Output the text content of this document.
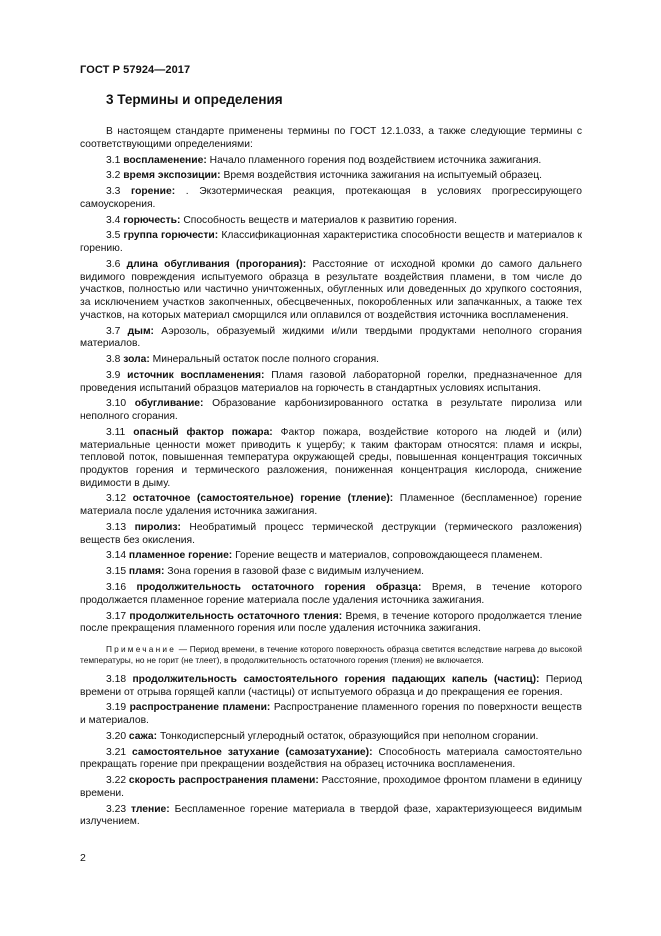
ГОСТ Р 57924—2017
3 Термины и определения

В настоящем стандарте применены термины по ГОСТ 12.1.033, а также следующие термины с соответствующими определениями:

3.1 воспламенение: Начало пламенного горения под воздействием источника зажигания.

3.2 время экспозиции: Время воздействия источника зажигания на испытуемый образец.

3.3 горение: . Экзотермическая реакция, протекающая в условиях прогрессирующего самоускорения.

3.4 горючесть: Способность веществ и материалов к развитию горения.

3.5 группа горючести: Классификационная характеристика способности веществ и материалов к горению.

3.6 длина обугливания (прогорания): Расстояние от исходной кромки до самого дальнего видимого повреждения испытуемого образца в результате воздействия пламени, в том числе до участков, полностью или частично уничтоженных, обугленных или доведенных до хрупкого состояния, за исключением участков закопченных, обесцвеченных, покоробленных или запачканных, а также тех участков, на которых материал сморщился или оплавился от воздействия источника воспламенения.

3.7 дым: Аэрозоль, образуемый жидкими и/или твердыми продуктами неполного сгорания материалов.

3.8 зола: Минеральный остаток после полного сгорания.

3.9 источник воспламенения: Пламя газовой лабораторной горелки, предназначенное для проведения испытаний образцов материалов на горючесть в стандартных условиях испытания.

3.10 обугливание: Образование карбонизированного остатка в результате пиролиза или неполного сгорания.

3.11 опасный фактор пожара: Фактор пожара, воздействие которого на людей и (или) материальные ценности может приводить к ущербу; к таким факторам относятся: пламя и искры, тепловой поток, повышенная температура окружающей среды, повышенная концентрация токсичных продуктов горения и термического разложения, пониженная концентрация кислорода, снижение видимости в дыму.

3.12 остаточное (самостоятельное) горение (тление): Пламенное (беспламенное) горение материала после удаления источника зажигания.

3.13 пиролиз: Необратимый процесс термической деструкции (термического разложения) веществ без окисления.

3.14 пламенное горение: Горение веществ и материалов, сопровождающееся пламенем.

3.15 пламя: Зона горения в газовой фазе с видимым излучением.

3.16 продолжительность остаточного горения образца: Время, в течение которого продолжается пламенное горение материала после удаления источника зажигания.

3.17 продолжительность остаточного тления: Время, в течение которого продолжается тление после прекращения пламенного горения или после удаления источника зажигания.

Примечание — Период времени, в течение которого поверхность образца светится вследствие нагрева до высокой температуры, но не горит (не тлеет), в продолжительность остаточного горения (тления) не включается.

3.18 продолжительность самостоятельного горения падающих капель (частиц): Период времени от отрыва горящей капли (частицы) от испытуемого образца и до прекращения ее горения.

3.19 распространение пламени: Распространение пламенного горения по поверхности веществ и материалов.

3.20 сажа: Тонкодисперсный углеродный остаток, образующийся при неполном сгорании.

3.21 самостоятельное затухание (самозатухание): Способность материала самостоятельно прекращать горение при прекращении воздействия на образец источника воспламенения.

3.22 скорость распространения пламени: Расстояние, проходимое фронтом пламени в единицу времени.

3.23 тление: Беспламенное горение материала в твердой фазе, характеризующееся видимым излучением.

2
